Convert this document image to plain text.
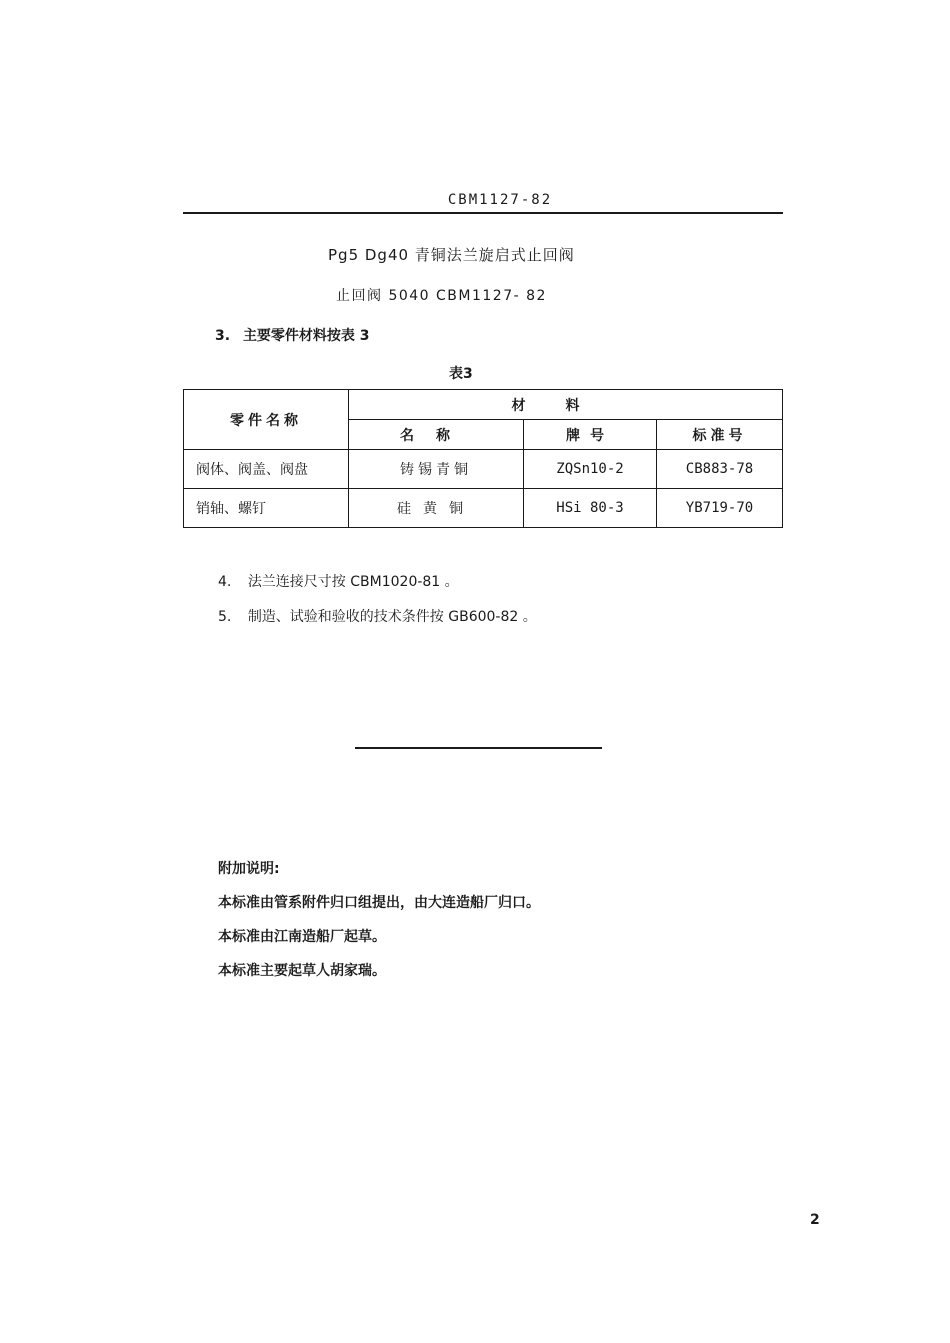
CBM1127-82
Pg5 Dg40 青铜法兰旋启式止回阀
止回阀 5040 CBM1127- 82
3. 主要零件材料按表 3
表3
零件名称	材料		
	名称	牌号	标准号
阀体、阀盖、阀盘	铸锡青铜	ZQSn10-2	CB883-78
销轴、螺钉	硅黄铜	HSi 80-3	YB719-70
4. 法兰连接尺寸按 CBM1020-81 。
5. 制造、试验和验收的技术条件按 GB600-82 。
附加说明:
本标准由管系附件归口组提出，由大连造船厂归口。
本标准由江南造船厂起草。
本标准主要起草人胡家瑞。
2
